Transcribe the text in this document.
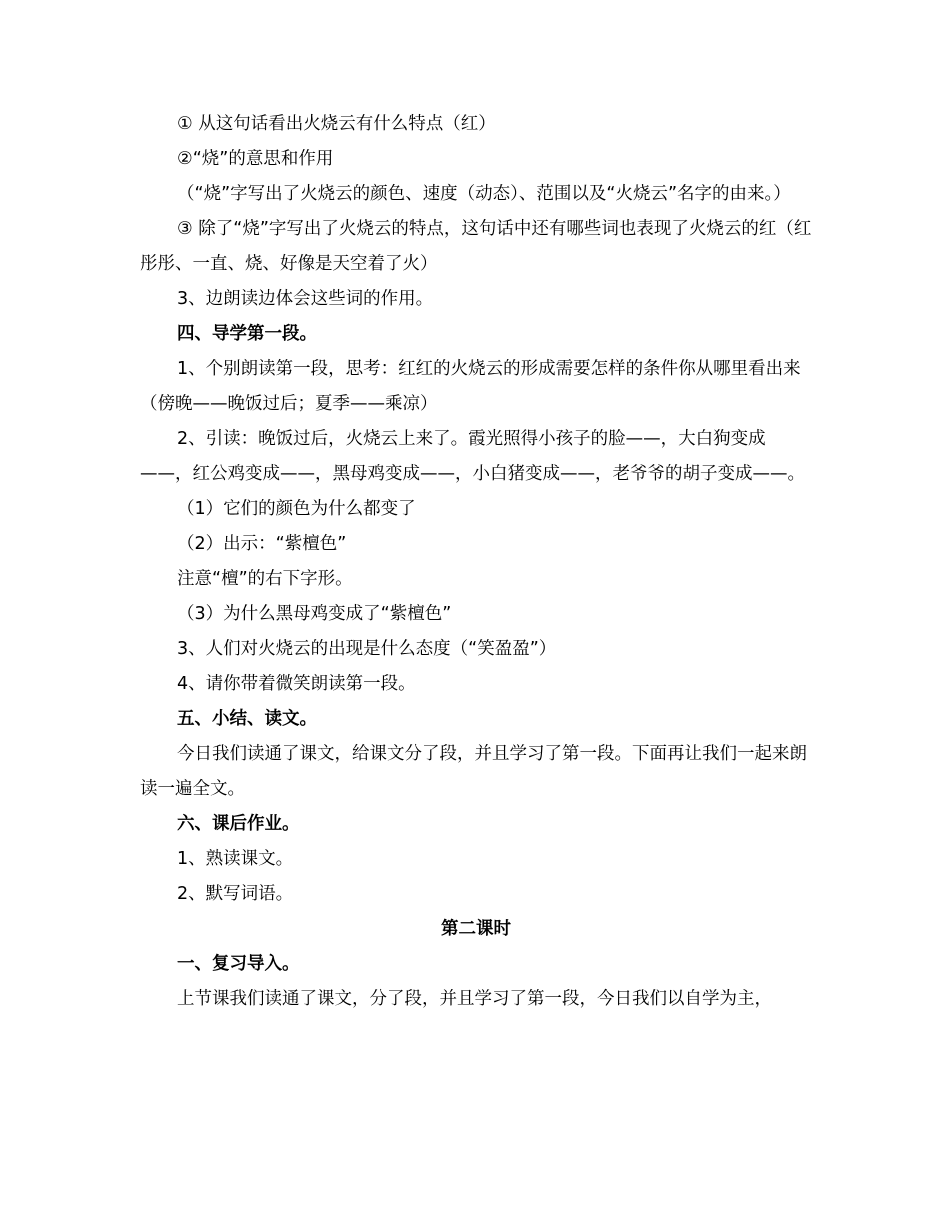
① 从这句话看出火烧云有什么特点（红）

②“烧”的意思和作用

（“烧”字写出了火烧云的颜色、速度（动态）、范围以及“火烧云”名字的由来。）

③ 除了“烧”字写出了火烧云的特点，这句话中还有哪些词也表现了火烧云的红（红彤彤、一直、烧、好像是天空着了火）

3、边朗读边体会这些词的作用。

四、导学第一段。

1、个别朗读第一段，思考：红红的火烧云的形成需要怎样的条件你从哪里看出来（傍晚——晚饭过后；夏季——乘凉）

2、引读：晚饭过后，火烧云上来了。霞光照得小孩子的脸——，大白狗变成——，红公鸡变成——，黑母鸡变成——，小白猪变成——，老爷爷的胡子变成——。

（1）它们的颜色为什么都变了

（2）出示：“紫檀色”

注意“檀”的右下字形。

（3）为什么黑母鸡变成了“紫檀色”

3、人们对火烧云的出现是什么态度（“笑盈盈”）

4、请你带着微笑朗读第一段。

五、小结、读文。

今日我们读通了课文，给课文分了段，并且学习了第一段。下面再让我们一起来朗读一遍全文。

六、课后作业。

1、熟读课文。

2、默写词语。

第二课时

一、复习导入。

上节课我们读通了课文，分了段，并且学习了第一段，今日我们以自学为主，
